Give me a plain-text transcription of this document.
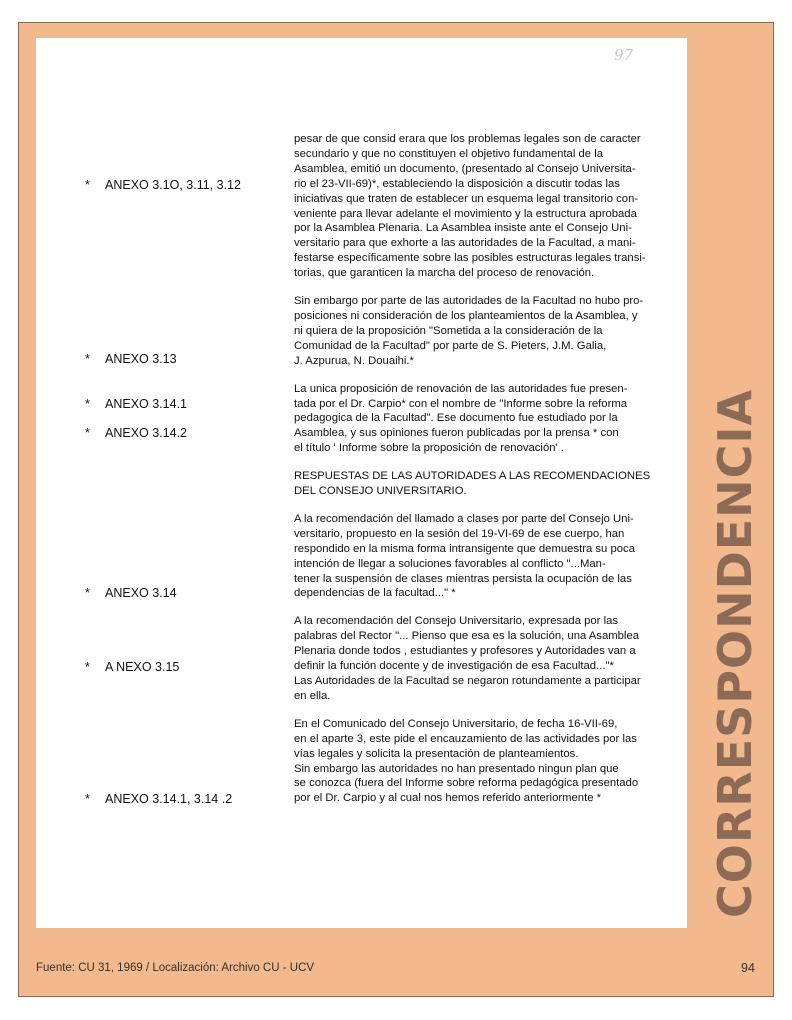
97
* ANEXO 3.1O, 3.11, 3.12
* ANEXO 3.13
* ANEXO 3.14.1
* ANEXO 3.14.2
* ANEXO 3.14
* A NEXO 3.15
* ANEXO 3.14.1, 3.14 .2
pesar de que consid erara que los problemas legales son de caracter
secundario y que no constituyen el objetivo fundamental de la
Asamblea, emitió un documento, (presentado al Consejo Universita-
rio el 23-VII-69)*, estableciendo la disposición a discutir todas las
iniciativas que traten de establecer un esquema legal transitorio con-
veniente para llevar adelante el movimiento y la estructura aprobada
por la Asamblea Plenaria. La Asamblea insiste ante el Consejo Uni-
versitario para que exhorte a las autoridades de la Facultad, a mani-
festarse específicamente sobre las posibles estructuras legales transi-
torias, que garanticen la marcha del proceso de renovación.
Sin embargo por parte de las autoridades de la Facultad no hubo pro-
posiciones ni consideración de los planteamientos de la Asamblea, y
ni quiera de la proposición "Sometida a la consideración de la
Comunidad de la Facultad" por parte de S. Pieters, J.M. Galia,
J. Azpurua, N. Douaihi.*
La unica proposición de renovación de las autoridades fue presen-
tada por el Dr. Carpio* con el nombre de "Informe sobre la reforma
pedagogica de la Facultad". Ese documento fue estudiado por la
Asamblea, y sus opiniones fueron publicadas por la prensa * con
el título ' Informe sobre la proposición de renovación' .
RESPUESTAS DE LAS AUTORIDADES A LAS RECOMENDACIONES
DEL CONSEJO UNIVERSITARIO.
A la recomendación del llamado a clases por parte del Consejo Uni-
versitario, propuesto en la sesión del 19-VI-69 de ese cuerpo, han
respondido en la misma forma intransigente que demuestra su poca
intención de llegar a soluciones favorables al conflicto "...Man-
tener la suspensión de clases mientras persista la ocupación de las
dependencias de la facultad..." *
A la recomendación del Consejo Universitario, expresada por las
palabras del Rector "... Pienso que esa es la solución, una Asamblea
Plenaria donde todos , estudiantes y profesores y Autoridades van a
definir la función docente y de investigación de esa Facultad..."*
Las Autoridades de la Facultad se negaron rotundamente a participar
en ella.
En el Comunicado del Consejo Universitario, de fecha 16-VII-69,
en el aparte 3, este pide el encauzamiento de las actividades por las
vías legales y solicita la presentación de planteamientos.
Sin embargo las autoridades no han presentado ningun plan que
se conozca (fuera del Informe sobre reforma pedagógica presentado
por el Dr. Carpio y al cual nos hemos referido anteriormente *	CORRESPONDENCIA
Fuente: CU 31, 1969 / Localización: Archivo CU - UCV	94
